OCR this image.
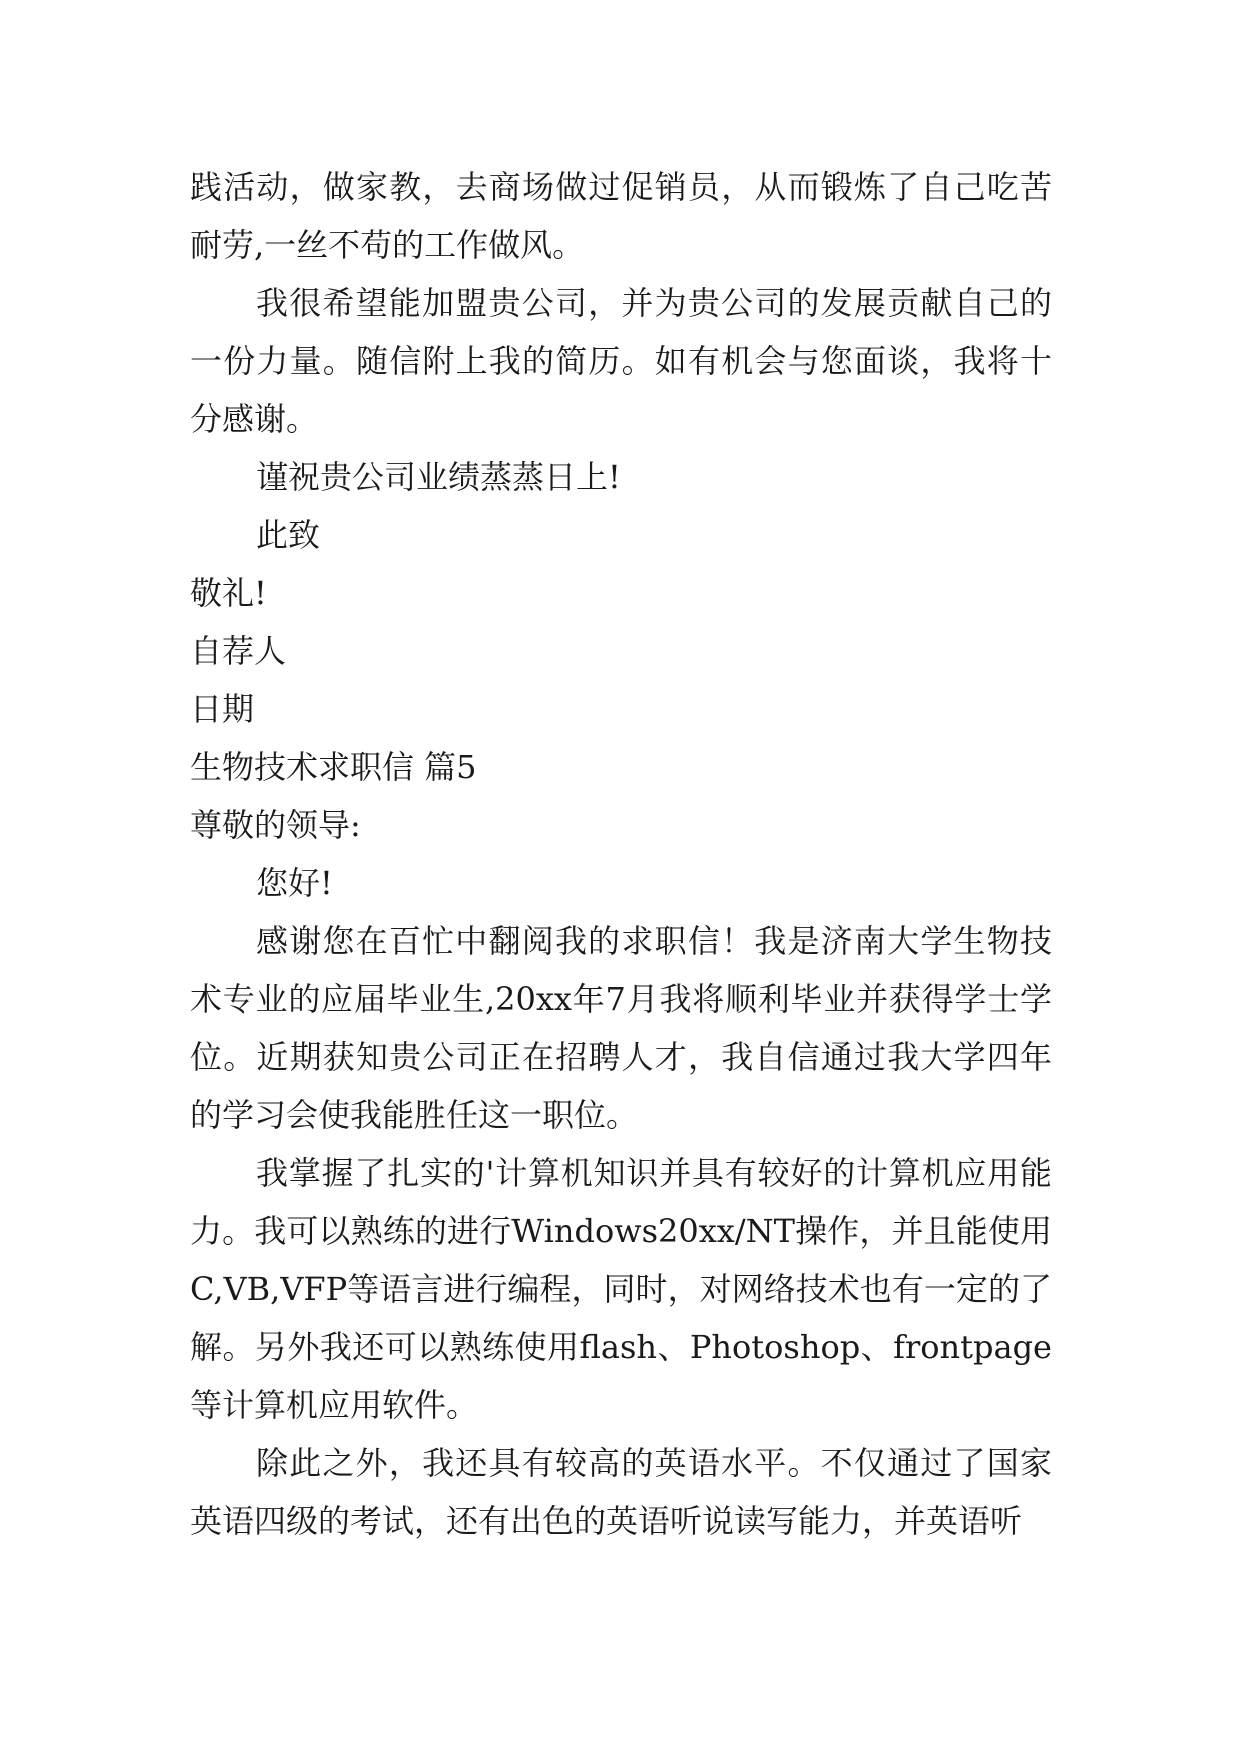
践活动，做家教，去商场做过促销员，从而锻炼了自己吃苦耐劳,一丝不苟的工作做风。

我很希望能加盟贵公司，并为贵公司的发展贡献自己的一份力量。随信附上我的简历。如有机会与您面谈，我将十分感谢。

谨祝贵公司业绩蒸蒸日上!

此致

敬礼!

自荐人

日期

生物技术求职信 篇5

尊敬的领导:

您好!

感谢您在百忙中翻阅我的求职信！我是济南大学生物技术专业的应届毕业生,20xx年7月我将顺利毕业并获得学士学位。近期获知贵公司正在招聘人才，我自信通过我大学四年的学习会使我能胜任这一职位。

我掌握了扎实的'计算机知识并具有较好的计算机应用能力。我可以熟练的进行Windows20xx/NT操作，并且能使用C,VB,VFP等语言进行编程，同时，对网络技术也有一定的了解。另外我还可以熟练使用flash、Photoshop、frontpage等计算机应用软件。

除此之外，我还具有较高的英语水平。不仅通过了国家英语四级的考试，还有出色的英语听说读写能力，并英语听
